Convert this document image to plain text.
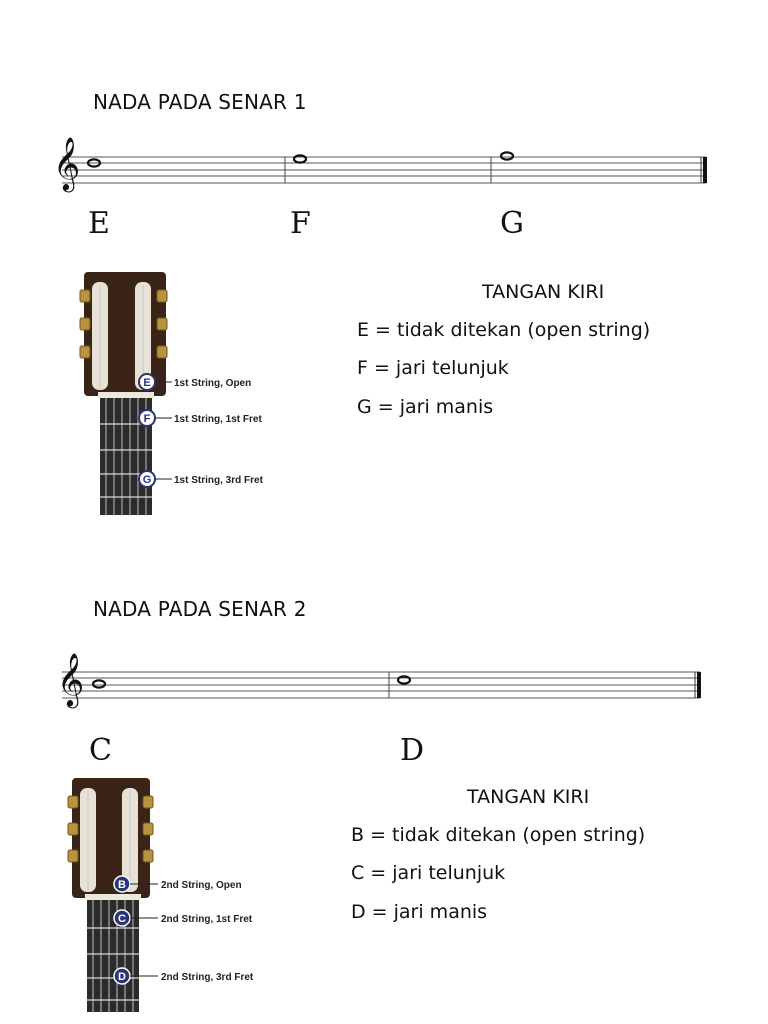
NADA PADA SENAR 1
𝄞
E	F	G
E
F
G
1st String, Open
1st String, 1st Fret
1st String, 3rd Fret
TANGAN KIRI
E = tidak ditekan (open string)
F = jari telunjuk
G = jari manis
NADA PADA SENAR 2
𝄞
C	D
B
C
D
2nd String, Open
2nd String, 1st Fret
2nd String, 3rd Fret
TANGAN KIRI
B = tidak ditekan (open string)
C = jari telunjuk
D = jari manis
